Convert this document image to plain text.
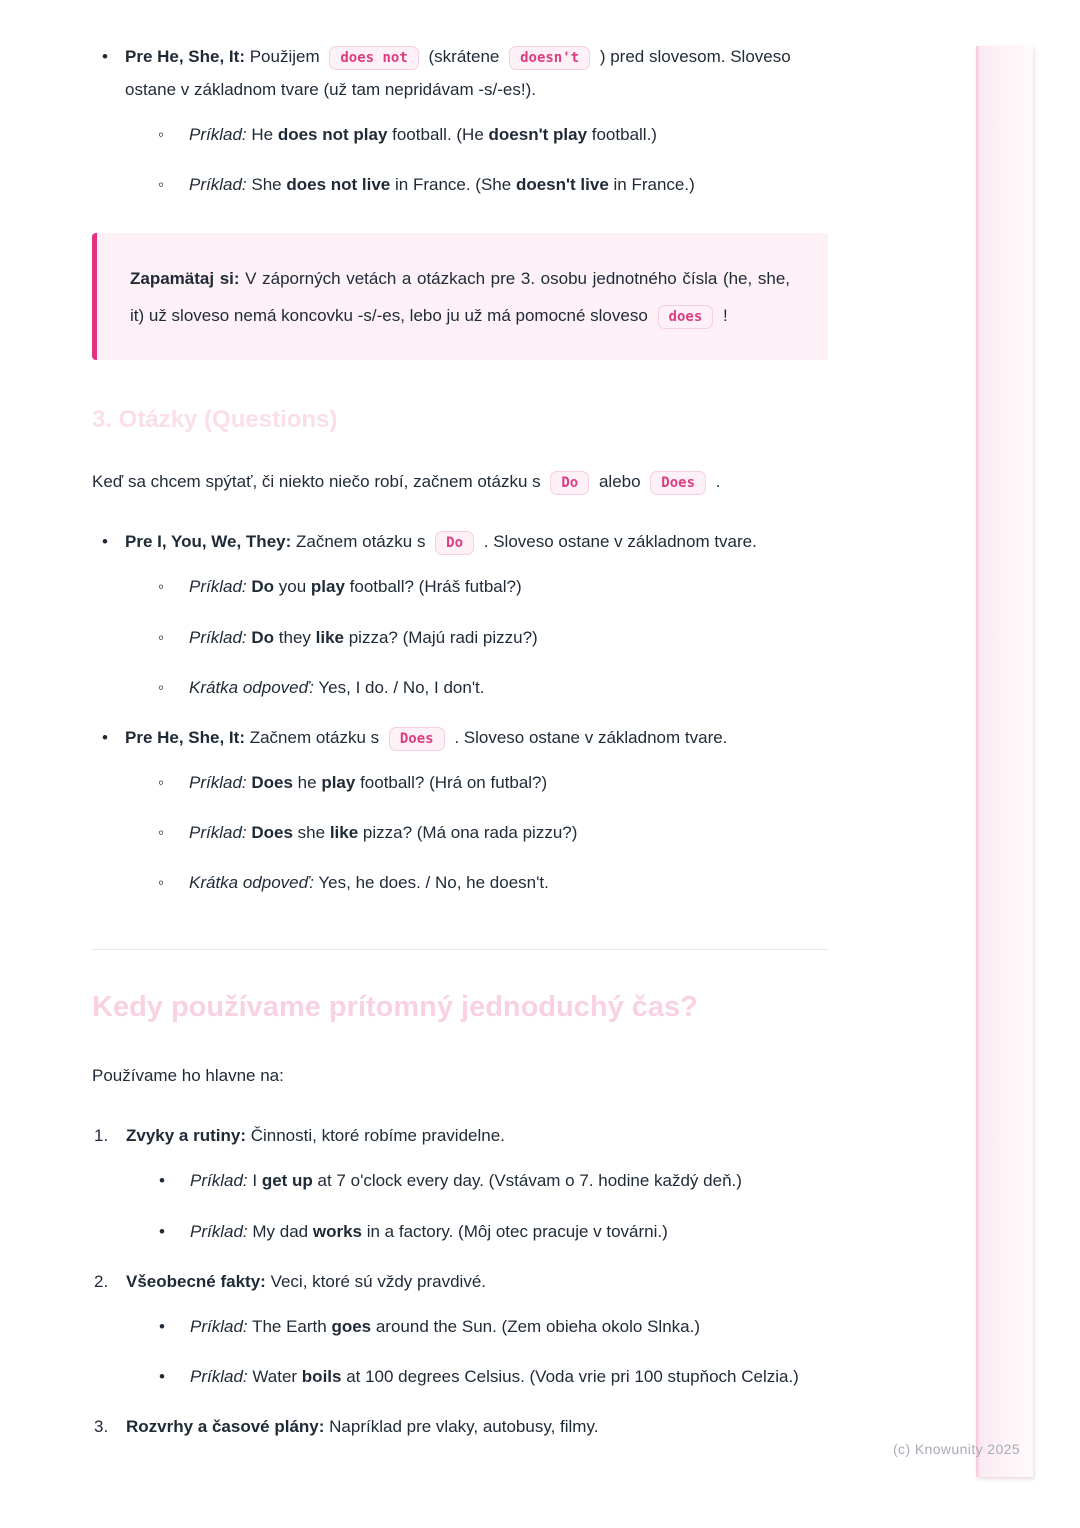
• Pre He, She, It: Použijem does not (skrátene doesn't ) pred slovesom. Sloveso ostane v základnom tvare (už tam nepridávam -s/-es!).
◦ Príklad: He does not play football. (He doesn't play football.)
◦ Príklad: She does not live in France. (She doesn't live in France.)

Zapamätaj si: V záporných vetách a otázkach pre 3. osobu jednotného čísla (he, she, it) už sloveso nemá koncovku -s/-es, lebo ju už má pomocné sloveso does !

3. Otázky (Questions)

Keď sa chcem spýtať, či niekto niečo robí, začnem otázku s Do alebo Does .

• Pre I, You, We, They: Začnem otázku s Do . Sloveso ostane v základnom tvare.
◦ Príklad: Do you play football? (Hráš futbal?)
◦ Príklad: Do they like pizza? (Majú radi pizzu?)
◦ Krátka odpoveď: Yes, I do. / No, I don't.
• Pre He, She, It: Začnem otázku s Does . Sloveso ostane v základnom tvare.
◦ Príklad: Does he play football? (Hrá on futbal?)
◦ Príklad: Does she like pizza? (Má ona rada pizzu?)
◦ Krátka odpoveď: Yes, he does. / No, he doesn't.
Kedy používame prítomný jednoduchý čas?

Používame ho hlavne na:

1. Zvyky a rutiny: Činnosti, ktoré robíme pravidelne.
• Príklad: I get up at 7 o'clock every day. (Vstávam o 7. hodine každý deň.)
• Príklad: My dad works in a factory. (Môj otec pracuje v továrni.)
2. Všeobecné fakty: Veci, ktoré sú vždy pravdivé.
• Príklad: The Earth goes around the Sun. (Zem obieha okolo Slnka.)
• Príklad: Water boils at 100 degrees Celsius. (Voda vrie pri 100 stupňoch Celzia.)
3. Rozvrhy a časové plány: Napríklad pre vlaky, autobusy, filmy.
(c) Knowunity 2025
